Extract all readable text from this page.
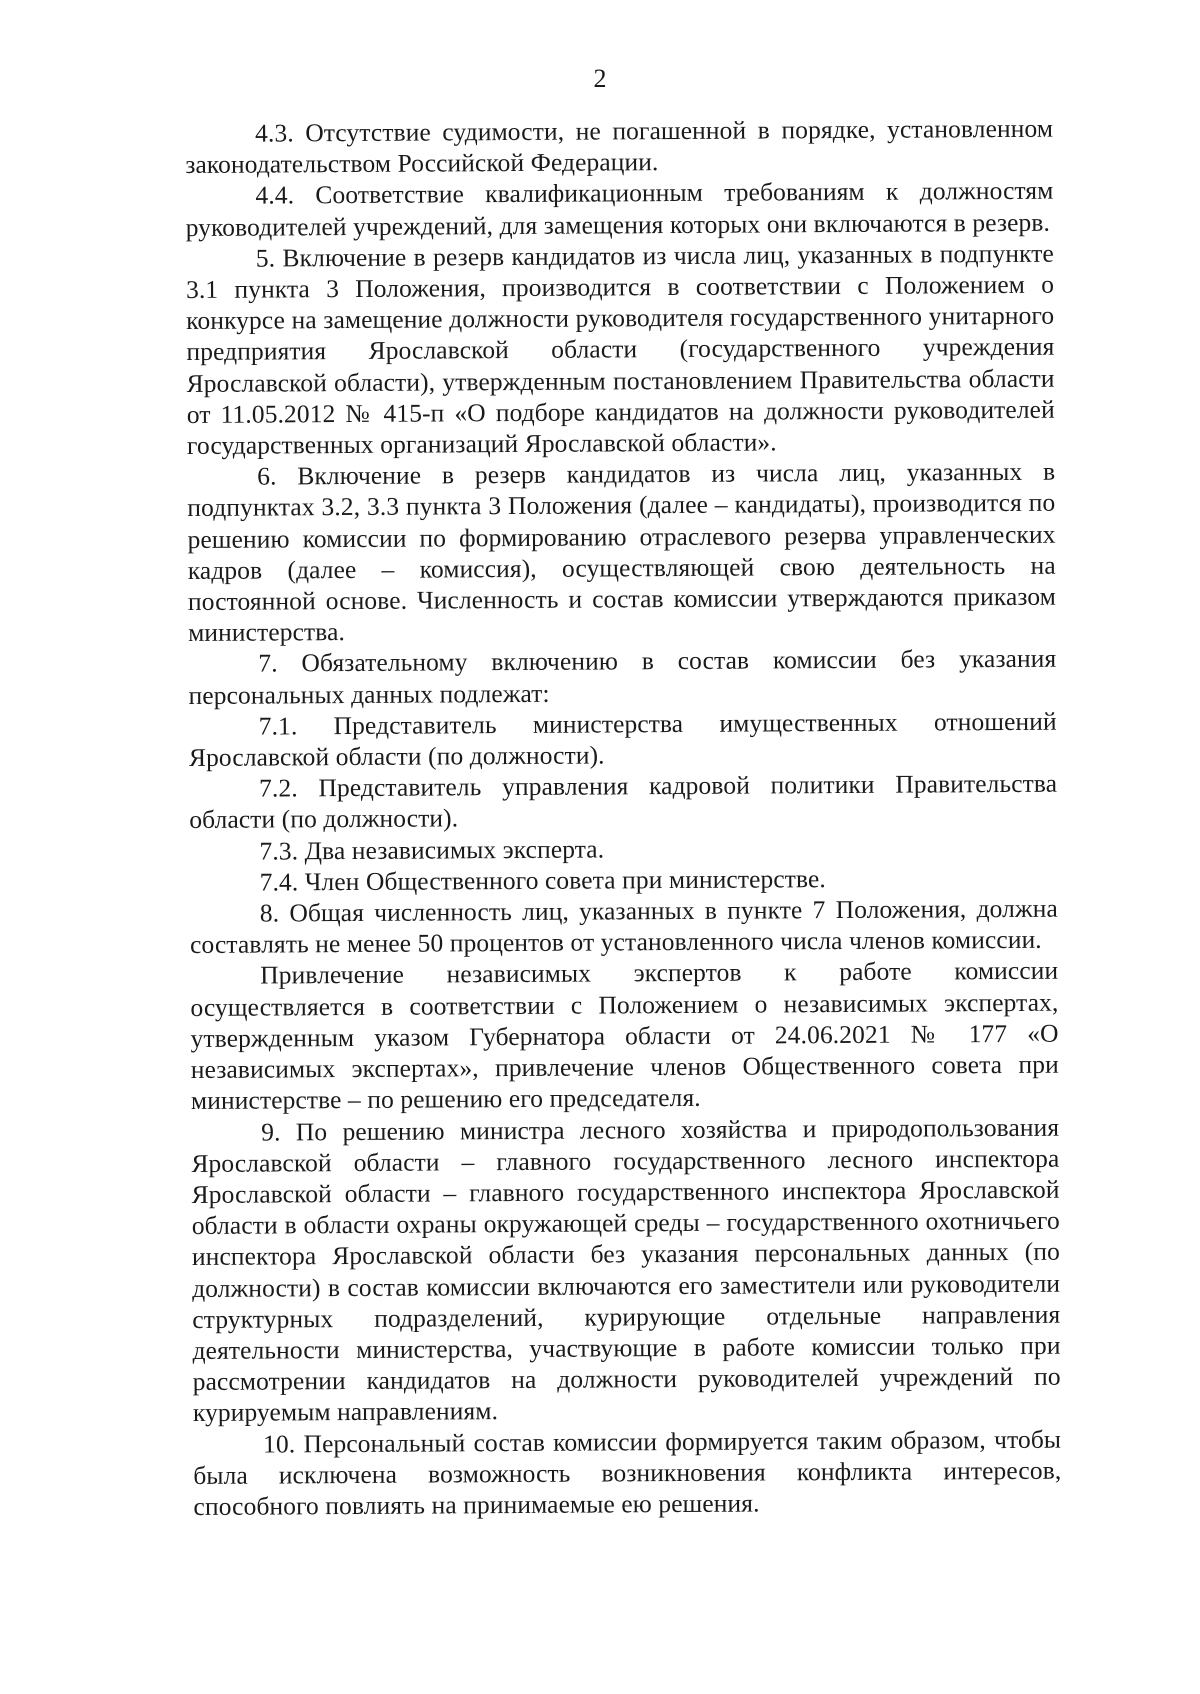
2

4.3. Отсутствие судимости, не погашенной в порядке, установленном законодательством Российской Федерации.

4.4. Соответствие квалификационным требованиям к должностям руководителей учреждений, для замещения которых они включаются в резерв.

5. Включение в резерв кандидатов из числа лиц, указанных в подпункте 3.1 пункта 3 Положения, производится в соответствии с Положением о конкурсе на замещение должности руководителя государственного унитарного предприятия Ярославской области (государственного учреждения Ярославской области), утвержденным постановлением Правительства области от 11.05.2012 № 415-п «О подборе кандидатов на должности руководителей государственных организаций Ярославской области».

6. Включение в резерв кандидатов из числа лиц, указанных в подпунктах 3.2, 3.3 пункта 3 Положения (далее – кандидаты), производится по решению комиссии по формированию отраслевого резерва управленческих кадров (далее – комиссия), осуществляющей свою деятельность на постоянной основе. Численность и состав комиссии утверждаются приказом министерства.

7. Обязательному включению в состав комиссии без указания персональных данных подлежат:

7.1. Представитель министерства имущественных отношений Ярославской области (по должности).

7.2. Представитель управления кадровой политики Правительства области (по должности).

7.3. Два независимых эксперта.

7.4. Член Общественного совета при министерстве.

8. Общая численность лиц, указанных в пункте 7 Положения, должна составлять не менее 50 процентов от установленного числа членов комиссии.

Привлечение независимых экспертов к работе комиссии осуществляется в соответствии с Положением о независимых экспертах, утвержденным указом Губернатора области от 24.06.2021 № 177 «О независимых экспертах», привлечение членов Общественного совета при министерстве – по решению его председателя.

9. По решению министра лесного хозяйства и природопользования Ярославской области – главного государственного лесного инспектора Ярославской области – главного государственного инспектора Ярославской области в области охраны окружающей среды – государственного охотничьего инспектора Ярославской области без указания персональных данных (по должности) в состав комиссии включаются его заместители или руководители структурных подразделений, курирующие отдельные направления деятельности министерства, участвующие в работе комиссии только при рассмотрении кандидатов на должности руководителей учреждений по курируемым направлениям.

10. Персональный состав комиссии формируется таким образом, чтобы была исключена возможность возникновения конфликта интересов, способного повлиять на принимаемые ею решения.
